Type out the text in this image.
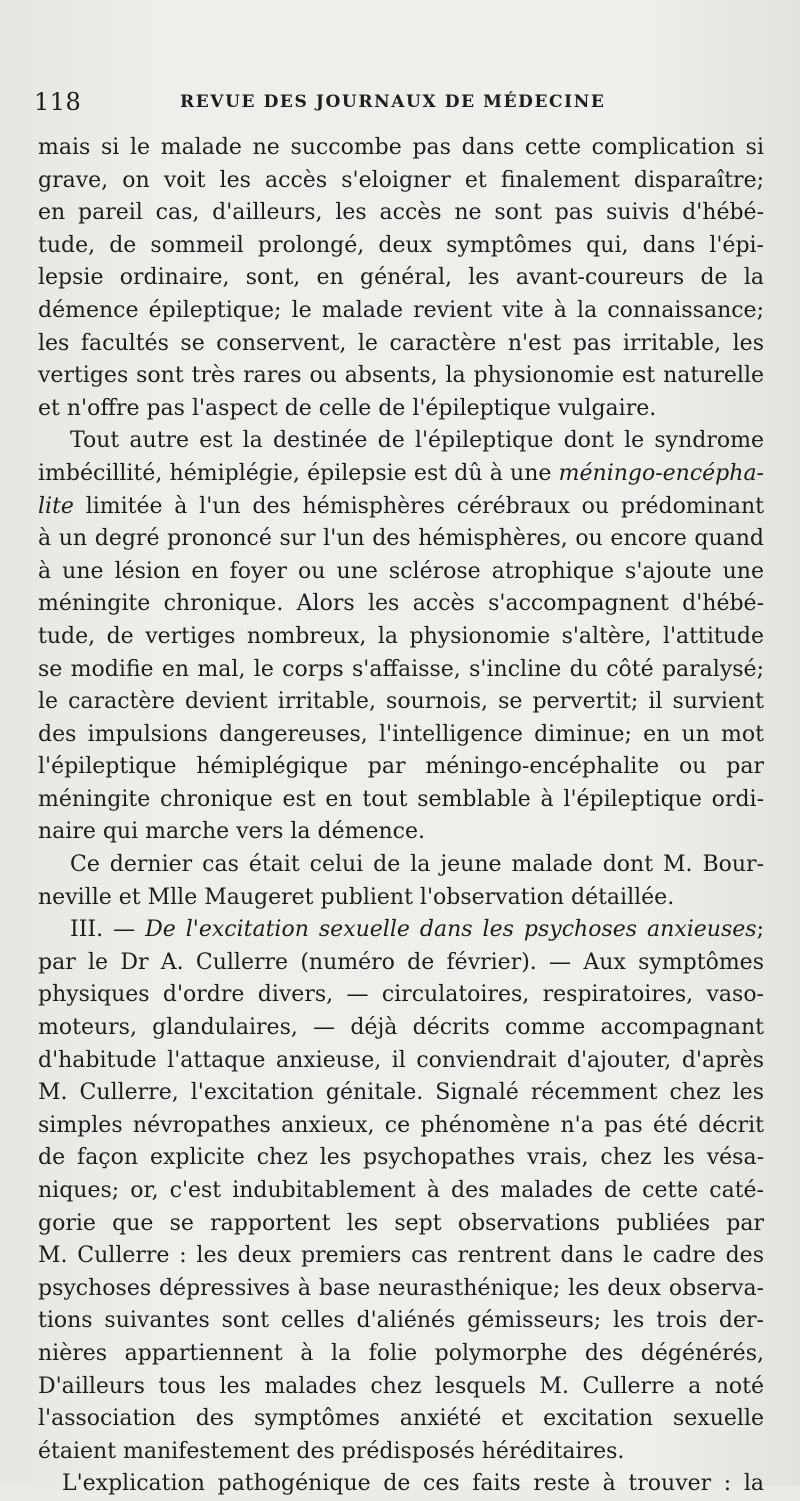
118	REVUE DES JOURNAUX DE MÉDECINE
mais si le malade ne succombe pas dans cette complication si
grave, on voit les accès s'eloigner et finalement disparaître;
en pareil cas, d'ailleurs, les accès ne sont pas suivis d'hébé-
tude, de sommeil prolongé, deux symptômes qui, dans l'épi-
lepsie ordinaire, sont, en général, les avant-coureurs de la
démence épileptique; le malade revient vite à la connaissance;
les facultés se conservent, le caractère n'est pas irritable, les
vertiges sont très rares ou absents, la physionomie est naturelle
et n'offre pas l'aspect de celle de l'épileptique vulgaire.
Tout autre est la destinée de l'épileptique dont le syndrome
imbécillité, hémiplégie, épilepsie est dû à une méningo-encépha-
lite limitée à l'un des hémisphères cérébraux ou prédominant
à un degré prononcé sur l'un des hémisphères, ou encore quand
à une lésion en foyer ou une sclérose atrophique s'ajoute une
méningite chronique. Alors les accès s'accompagnent d'hébé-
tude, de vertiges nombreux, la physionomie s'altère, l'attitude
se modifie en mal, le corps s'affaisse, s'incline du côté paralysé;
le caractère devient irritable, sournois, se pervertit; il survient
des impulsions dangereuses, l'intelligence diminue; en un mot
l'épileptique hémiplégique par méningo-encéphalite ou par
méningite chronique est en tout semblable à l'épileptique ordi-
naire qui marche vers la démence.
Ce dernier cas était celui de la jeune malade dont M. Bour-
neville et Mlle Maugeret publient l'observation détaillée.
III. — De l'excitation sexuelle dans les psychoses anxieuses;
par le Dr A. Cullerre (numéro de février). — Aux symptômes
physiques d'ordre divers, — circulatoires, respiratoires, vaso-
moteurs, glandulaires, — déjà décrits comme accompagnant
d'habitude l'attaque anxieuse, il conviendrait d'ajouter, d'après
M. Cullerre, l'excitation génitale. Signalé récemment chez les
simples névropathes anxieux, ce phénomène n'a pas été décrit
de façon explicite chez les psychopathes vrais, chez les vésa-
niques; or, c'est indubitablement à des malades de cette caté-
gorie que se rapportent les sept observations publiées par
M. Cullerre : les deux premiers cas rentrent dans le cadre des
psychoses dépressives à base neurasthénique; les deux observa-
tions suivantes sont celles d'aliénés gémisseurs; les trois der-
nières appartiennent à la folie polymorphe des dégénérés,
D'ailleurs tous les malades chez lesquels M. Cullerre a noté
l'association des symptômes anxiété et excitation sexuelle
étaient manifestement des prédisposés héréditaires.
L'explication pathogénique de ces faits reste à trouver : la
